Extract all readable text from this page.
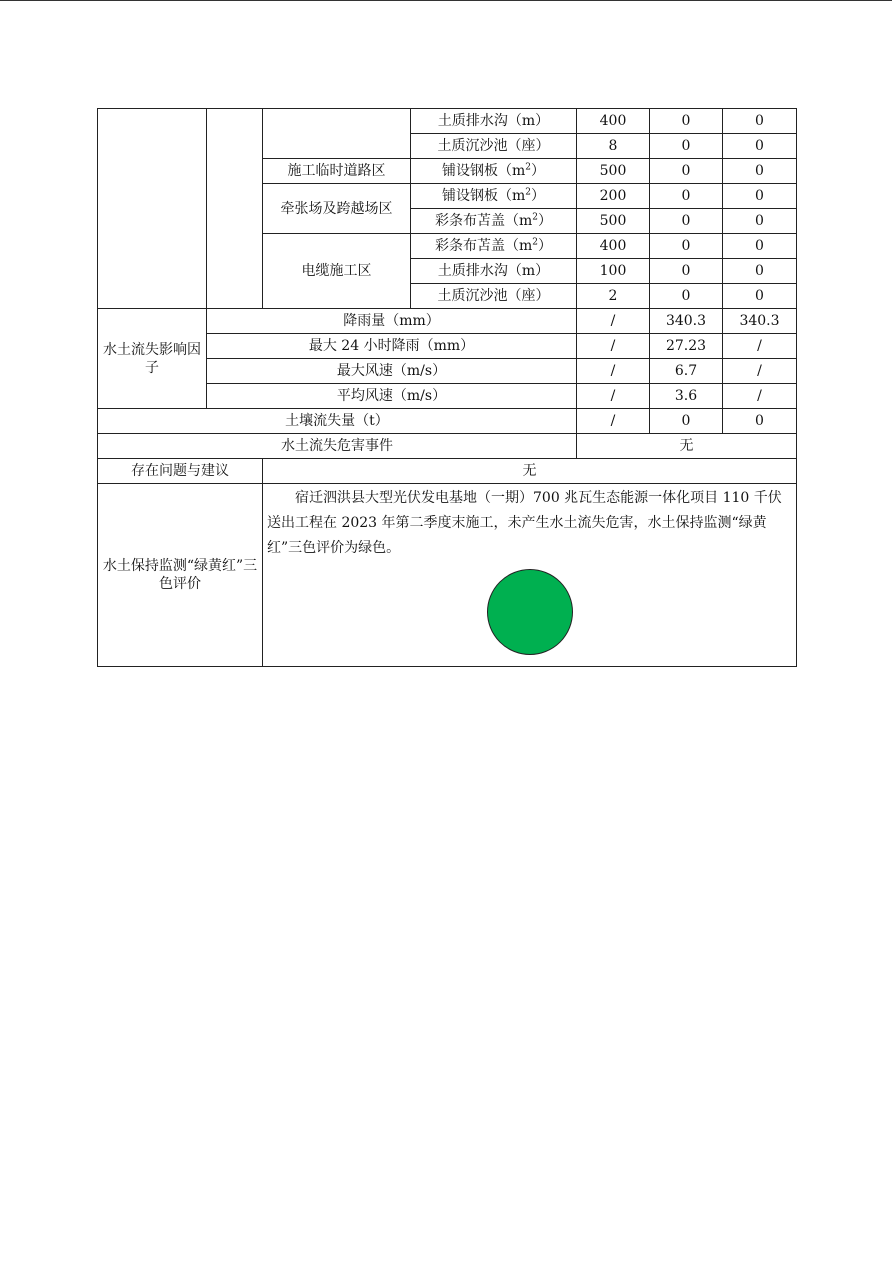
			土质排水沟（m）	400	0	0
			土质沉沙池（座）	8	0	0
		施工临时道路区	铺设钢板$(m^2)$	500	0	0
		牵张场及跨越场区	铺设钢板$(m^2)$	200	0	0
			彩条布苫盖$(m^2)$	500	0	0
		电缆施工区	彩条布苫盖$(m^2)$	400	0	0
			土质排水沟（m）	100	0	0
			土质沉沙池（座）	2	0	0
水土流失影响因子	降雨量（mm）			/	340.3	340.3
	最大 24 小时降雨（mm）			/	27.23	/
	最大风速（m/s）			/	6.7	/
	平均风速（m/s）			/	3.6	/
土壤流失量（t）				/	0	0
水土流失危害事件				无		
存在问题与建议		无				
水土保持监测“绿黄红”三色评价		宿迁泗洪县大型光伏发电基地（一期）700 兆瓦生态能源一体化项目 110 千伏送出工程在 2023 年第二季度末施工，未产生水土流失危害，水土保持监测“绿黄红”三色评价为绿色。				
